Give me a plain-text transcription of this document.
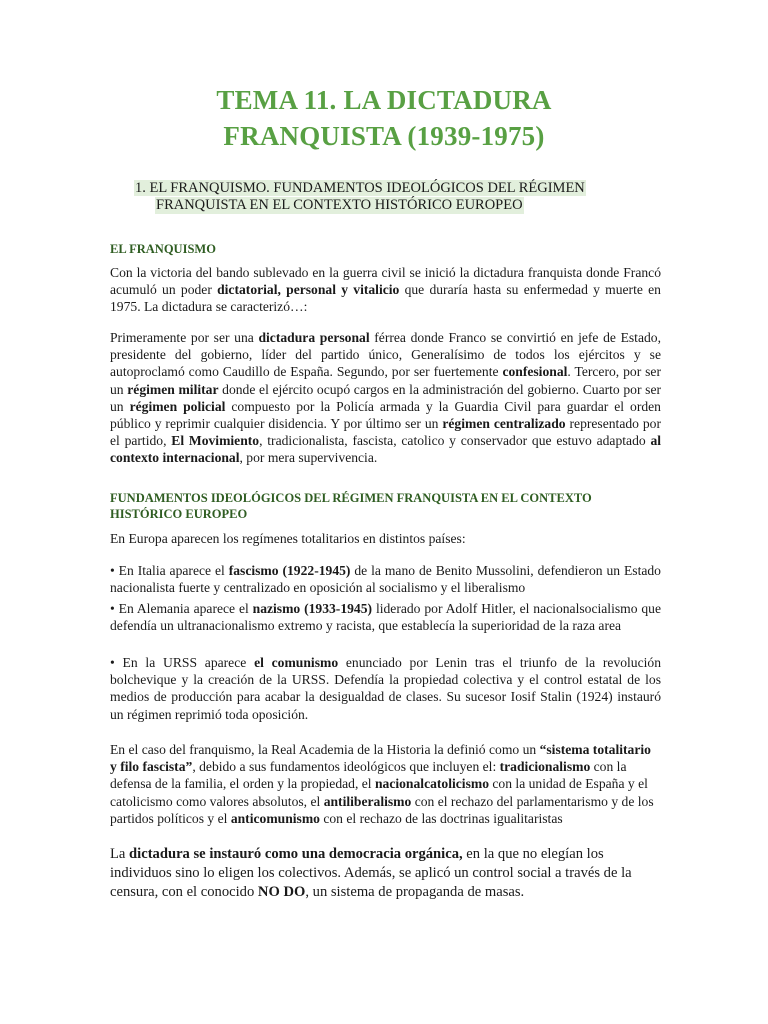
TEMA 11. LA DICTADURA
FRANQUISTA (1939-1975)
1. EL FRANQUISMO. FUNDAMENTOS IDEOLÓGICOS DEL RÉGIMEN
FRANQUISTA EN EL CONTEXTO HISTÓRICO EUROPEO
EL FRANQUISMO

Con la victoria del bando sublevado en la guerra civil se inició la dictadura franquista donde Francó acumuló un poder dictatorial, personal y vitalicio que duraría hasta su enfermedad y muerte en 1975. La dictadura se caracterizó…:

Primeramente por ser una dictadura personal férrea donde Franco se convirtió en jefe de Estado, presidente del gobierno, líder del partido único, Generalísimo de todos los ejércitos y se autoproclamó como Caudillo de España. Segundo, por ser fuertemente confesional. Tercero, por ser un régimen militar donde el ejército ocupó cargos en la administración del gobierno. Cuarto por ser un régimen policial compuesto por la Policía armada y la Guardia Civil para guardar el orden público y reprimir cualquier disidencia. Y por último ser un régimen centralizado representado por el partido, El Movimiento, tradicionalista, fascista, catolico y conservador que estuvo adaptado al contexto internacional, por mera supervivencia.

FUNDAMENTOS IDEOLÓGICOS DEL RÉGIMEN FRANQUISTA EN EL CONTEXTO HISTÓRICO EUROPEO

En Europa aparecen los regímenes totalitarios en distintos países:

• En Italia aparece el fascismo (1922-1945) de la mano de Benito Mussolini, defendieron un Estado nacionalista fuerte y centralizado en oposición al socialismo y el liberalismo

• En Alemania aparece el nazismo (1933-1945) liderado por Adolf Hitler, el nacionalsocialismo que defendía un ultranacionalismo extremo y racista, que establecía la superioridad de la raza area

• En la URSS aparece el comunismo enunciado por Lenin tras el triunfo de la revolución bolchevique y la creación de la URSS. Defendía la propiedad colectiva y el control estatal de los medios de producción para acabar la desigualdad de clases. Su sucesor Iosif Stalin (1924) instauró un régimen reprimió toda oposición.

En el caso del franquismo, la Real Academia de la Historia la definió como un “sistema totalitario y filo fascista”, debido a sus fundamentos ideológicos que incluyen el: tradicionalismo con la defensa de la familia, el orden y la propiedad, el nacionalcatolicismo con la unidad de España y el catolicismo como valores absolutos, el antiliberalismo con el rechazo del parlamentarismo y de los partidos políticos y el anticomunismo con el rechazo de las doctrinas igualitaristas

La dictadura se instauró como una democracia orgánica, en la que no elegían los individuos sino lo eligen los colectivos. Además, se aplicó un control social a través de la censura, con el conocido NO DO, un sistema de propaganda de masas.
